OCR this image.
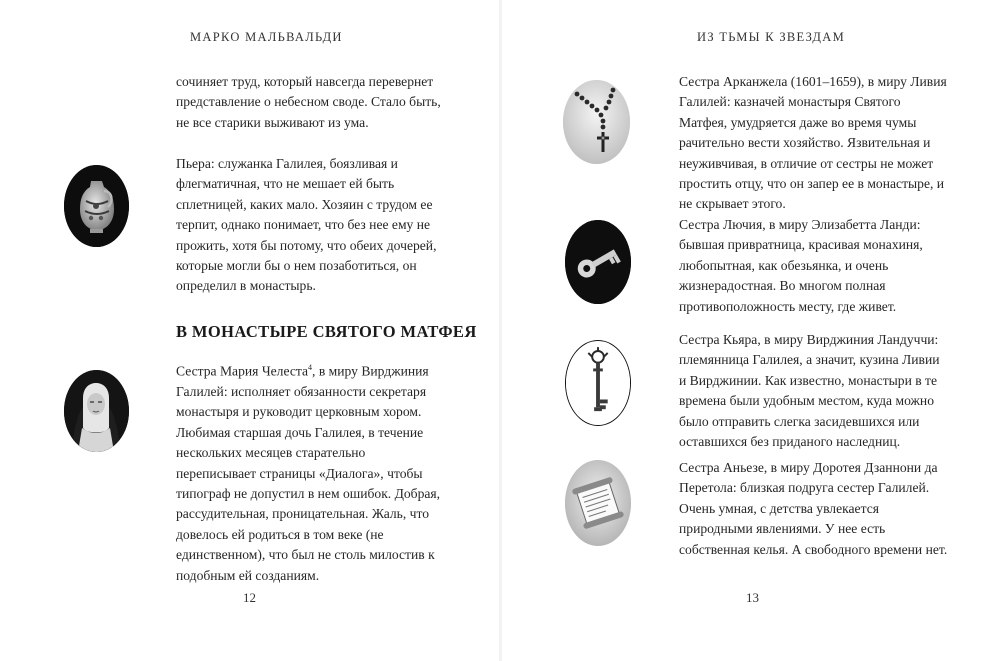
МАРКО МАЛЬВАЛЬДИ

сочиняет труд, который навсегда перевернет представление о небесном своде. Стало быть, не все старики выживают из ума.

Пьера: служанка Галилея, боязливая и флегматичная, что не мешает ей быть сплетницей, каких мало. Хозяин с трудом ее терпит, однако понимает, что без нее ему не прожить, хотя бы потому, что обеих дочерей, которые могли бы о нем позаботиться, он определил в монастырь.

В МОНАСТЫРЕ СВЯТОГО МАТФЕЯ

Сестра Мария Челеста$^4$, в миру Вирджиния Галилей: исполняет обязанности секретаря монастыря и руководит церковным хором. Любимая старшая дочь Галилея, в течение нескольких месяцев старательно переписывает страницы «Диалога», чтобы типограф не допустил в нем ошибок. Добрая, рассудительная, проницательная. Жаль, что довелось ей родиться в том веке (не единственном), что был не столь милостив к подобным ей созданиям.

12
ИЗ ТЬМЫ К ЗВЕЗДАМ

Сестра Арканжела (1601–1659), в миру Ливия Галилей: казначей монастыря Святого Матфея, умудряется даже во время чумы рачительно вести хозяйство. Язвительная и неуживчивая, в отличие от сестры не может простить отцу, что он запер ее в монастыре, и не скрывает этого.

Сестра Лючия, в миру Элизабетта Ланди: бывшая привратница, красивая монахиня, любопытная, как обезьянка, и очень жизнерадостная. Во многом полная противоположность месту, где живет.

Сестра Кьяра, в миру Вирджиния Ландуччи: племянница Галилея, а значит, кузина Ливии и Вирджинии. Как известно, монастыри в те времена были удобным местом, куда можно было отправить слегка засидевшихся или оставшихся без приданого наследниц.

Сестра Аньезе, в миру Доротея Дзаннони да Перетола: близкая подруга сестер Галилей. Очень умная, с детства увлекается природными явлениями. У нее есть собственная келья. А свободного времени нет.

13
